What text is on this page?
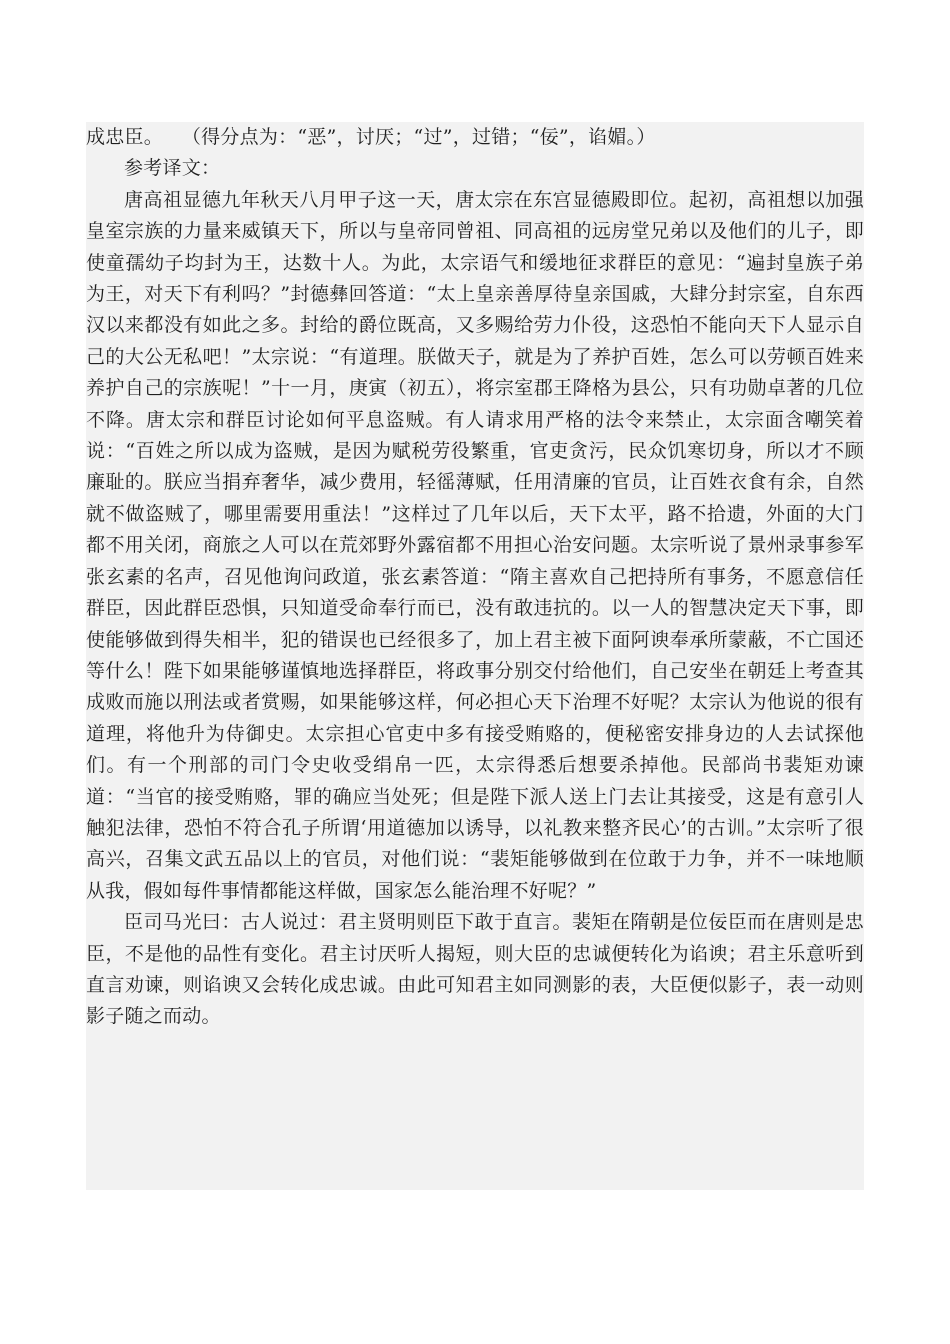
成忠臣。   （得分点为：“恶”，讨厌；“过”，过错；“佞”，谄媚。）

参考译文：

唐高祖显德九年秋天八月甲子这一天，唐太宗在东宫显德殿即位。起初，高祖想以加强皇室宗族的力量来威镇天下，所以与皇帝同曾祖、同高祖的远房堂兄弟以及他们的儿子，即使童孺幼子均封为王，达数十人。为此，太宗语气和缓地征求群臣的意见：“遍封皇族子弟为王，对天下有利吗？”封德彝回答道：“太上皇亲善厚待皇亲国戚，大肆分封宗室，自东西汉以来都没有如此之多。封给的爵位既高，又多赐给劳力仆役，这恐怕不能向天下人显示自己的大公无私吧！”太宗说：“有道理。朕做天子，就是为了养护百姓，怎么可以劳顿百姓来养护自己的宗族呢！”十一月，庚寅（初五），将宗室郡王降格为县公，只有功勋卓著的几位不降。唐太宗和群臣讨论如何平息盗贼。有人请求用严格的法令来禁止，太宗面含嘲笑着说：“百姓之所以成为盗贼，是因为赋税劳役繁重，官吏贪污，民众饥寒切身，所以才不顾廉耻的。朕应当捐弃奢华，减少费用，轻徭薄赋，任用清廉的官员，让百姓衣食有余，自然就不做盗贼了，哪里需要用重法！”这样过了几年以后，天下太平，路不拾遗，外面的大门都不用关闭，商旅之人可以在荒郊野外露宿都不用担心治安问题。太宗听说了景州录事参军张玄素的名声，召见他询问政道，张玄素答道：“隋主喜欢自己把持所有事务，不愿意信任群臣，因此群臣恐惧，只知道受命奉行而已，没有敢违抗的。以一人的智慧决定天下事，即使能够做到得失相半，犯的错误也已经很多了，加上君主被下面阿谀奉承所蒙蔽，不亡国还等什么！陛下如果能够谨慎地选择群臣，将政事分别交付给他们，自己安坐在朝廷上考查其成败而施以刑法或者赏赐，如果能够这样，何必担心天下治理不好呢？太宗认为他说的很有道理，将他升为侍御史。太宗担心官吏中多有接受贿赂的，便秘密安排身边的人去试探他们。有一个刑部的司门令史收受绢帛一匹，太宗得悉后想要杀掉他。民部尚书裴矩劝谏道：“当官的接受贿赂，罪的确应当处死；但是陛下派人送上门去让其接受，这是有意引人触犯法律，恐怕不符合孔子所谓‘用道德加以诱导，以礼教来整齐民心’的古训。”太宗听了很高兴，召集文武五品以上的官员，对他们说：“裴矩能够做到在位敢于力争，并不一味地顺从我，假如每件事情都能这样做，国家怎么能治理不好呢？”

臣司马光曰：古人说过：君主贤明则臣下敢于直言。裴矩在隋朝是位佞臣而在唐则是忠臣，不是他的品性有变化。君主讨厌听人揭短，则大臣的忠诚便转化为谄谀；君主乐意听到直言劝谏，则谄谀又会转化成忠诚。由此可知君主如同测影的表，大臣便似影子，表一动则影子随之而动。
